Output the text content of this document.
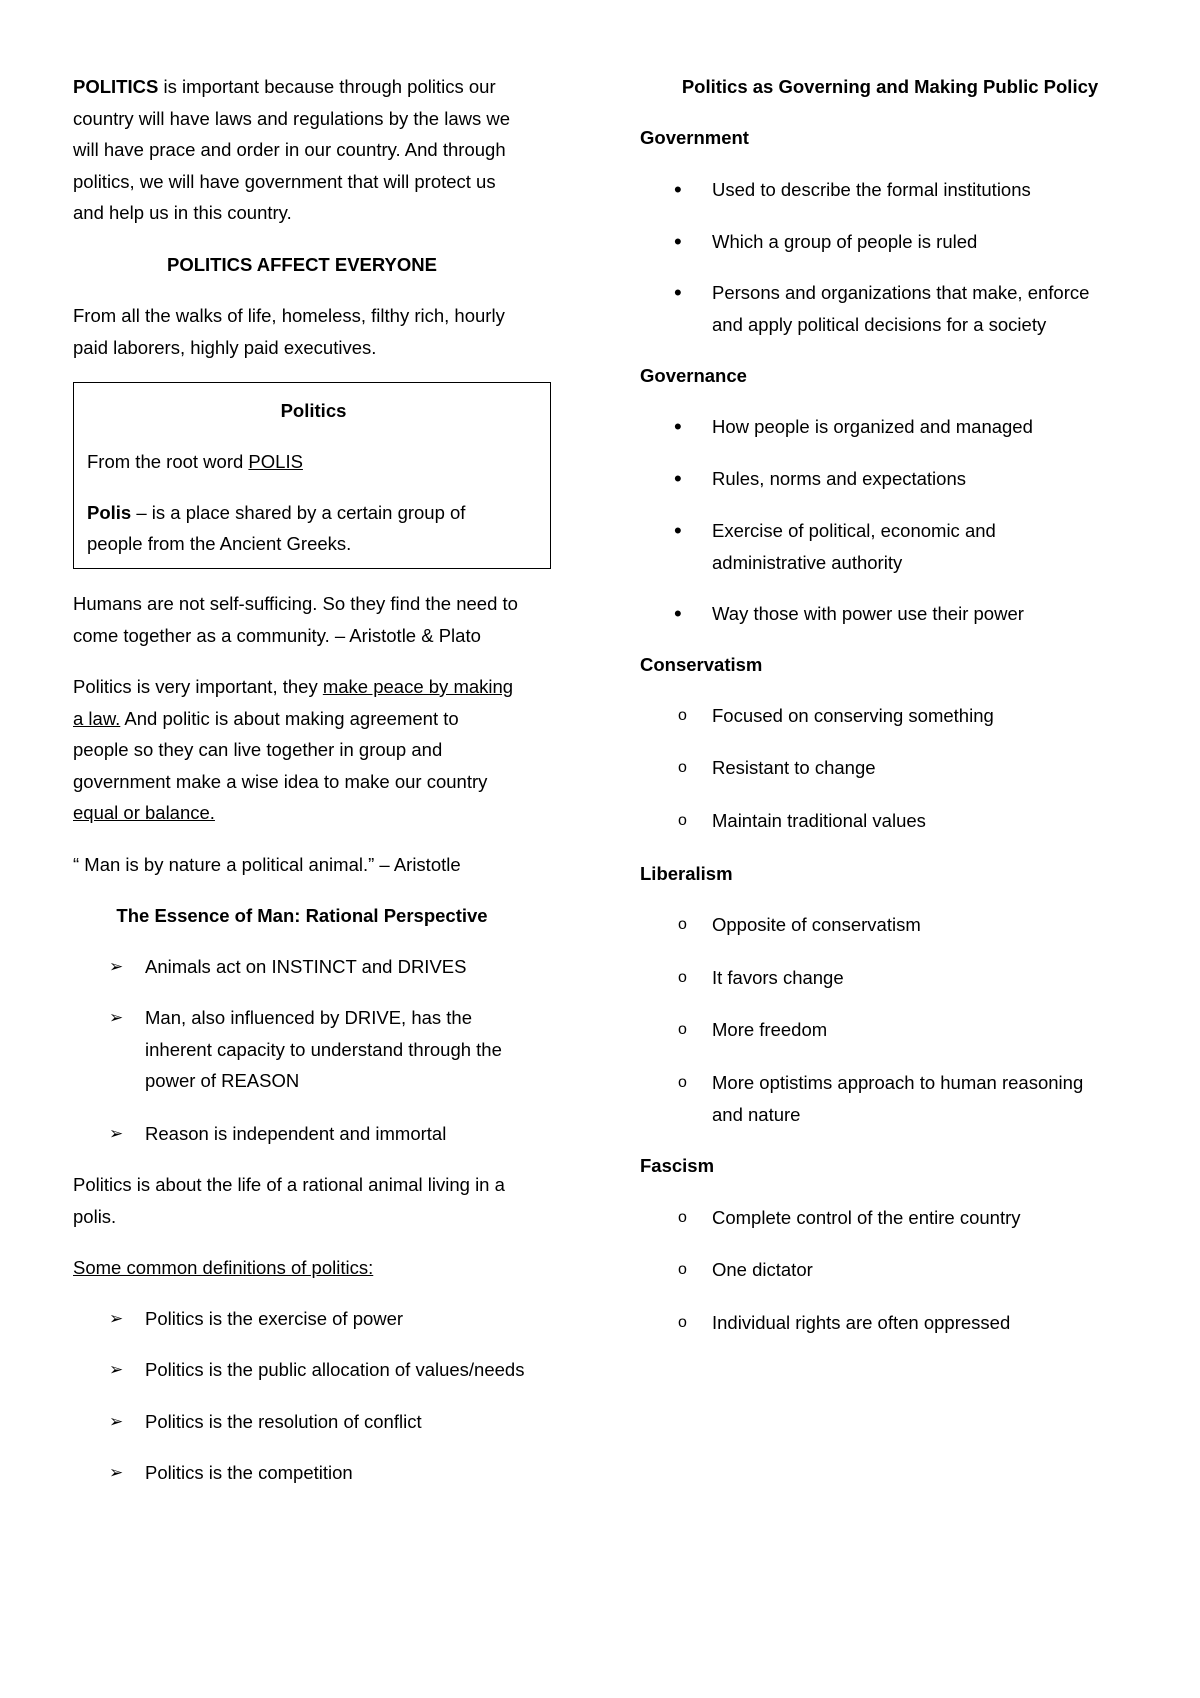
POLITICS is important because through politics our

country will have laws and regulations by the laws we

will have prace and order in our country. And through

politics, we will have government that will protect us

and help us in this country.

POLITICS AFFECT EVERYONE

From all the walks of life, homeless, filthy rich, hourly

paid laborers, highly paid executives.

Politics

From the root word POLIS

Polis – is a place shared by a certain group of

people from the Ancient Greeks.

Humans are not self-sufficing. So they find the need to

come together as a community. – Aristotle & Plato

Politics is very important, they make peace by making

a law. And politic is about making agreement to

people so they can live together in group and

government make a wise idea to make our country

equal or balance.

“ Man is by nature a political animal.” – Aristotle

The Essence of Man: Rational Perspective

➢ Animals act on INSTINCT and DRIVES

➢ Man, also influenced by DRIVE, has the

inherent capacity to understand through the

power of REASON

➢ Reason is independent and immortal

Politics is about the life of a rational animal living in a

polis.

Some common definitions of politics:

➢ Politics is the exercise of power

➢ Politics is the public allocation of values/needs

➢ Politics is the resolution of conflict

➢ Politics is the competition

Politics as Governing and Making Public Policy

Government

• Used to describe the formal institutions

• Which a group of people is ruled

• Persons and organizations that make, enforce

and apply political decisions for a society

Governance

• How people is organized and managed

• Rules, norms and expectations

• Exercise of political, economic and

administrative authority

• Way those with power use their power

Conservatism

o Focused on conserving something

o Resistant to change

o Maintain traditional values

Liberalism

o Opposite of conservatism

o It favors change

o More freedom

o More optistims approach to human reasoning

and nature

Fascism

o Complete control of the entire country

o One dictator

o Individual rights are often oppressed
